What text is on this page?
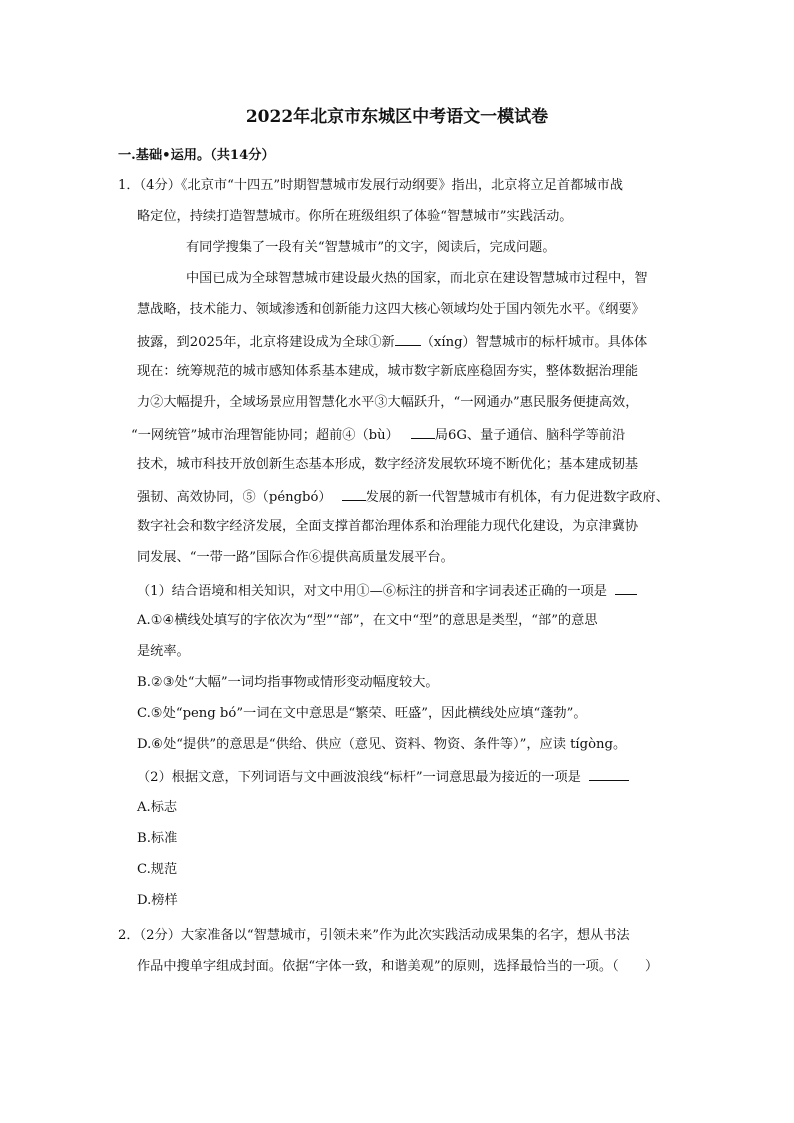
2022年北京市东城区中考语文一模试卷
一.基础•运用。（共14分）
1．（4分）《北京市“十四五”时期智慧城市发展行动纲要》指出，北京将立足首都城市战
略定位，持续打造智慧城市。你所在班级组织了体验“智慧城市”实践活动。
有同学搜集了一段有关“智慧城市”的文字，阅读后，完成问题。
中国已成为全球智慧城市建设最火热的国家，而北京在建设智慧城市过程中，智
慧战略，技术能力、领域渗透和创新能力这四大核心领域均处于国内领先水平。《纲要》
披露，到2025年，北京将建设成为全球①新 （xíng）智慧城市的标杆城市。具体体
现在：统筹规范的城市感知体系基本建成，城市数字新底座稳固夯实，整体数据治理能
力②大幅提升，全域场景应用智慧化水平③大幅跃升，“一网通办”惠民服务便捷高效，
“一网统管”城市治理智能协同；超前④（bù）	局6G、量子通信、脑科学等前沿
技术，城市科技开放创新生态基本形成，数字经济发展软环境不断优化；基本建成韧基
强韧、高效协同，⑤（péngbó）	发展的新一代智慧城市有机体，有力促进数字政府、
数字社会和数字经济发展，全面支撑首都治理体系和治理能力现代化建设，为京津冀协
同发展、“一带一路”国际合作⑥提供高质量发展平台。
（1）结合语境和相关知识，对文中用①—⑥标注的拼音和字词表述正确的一项是
A.①④横线处填写的字依次为“型”“部”，在文中“型”的意思是类型，“部”的意思
是统率。
B.②③处“大幅”一词均指事物或情形变动幅度较大。
C.⑤处“peng bó”一词在文中意思是“繁荣、旺盛”，因此横线处应填“蓬勃”。
D.⑥处“提供”的意思是“供给、供应（意见、资料、物资、条件等）”，应读 tígòng。
（2）根据文意，下列词语与文中画波浪线“标杆”一词意思最为接近的一项是
A.标志
B.标准
C.规范
D.榜样
2．（2分）大家准备以“智慧城市，引领未来”作为此次实践活动成果集的名字，想从书法
作品中搜单字组成封面。依据“字体一致，和谐美观”的原则，选择最恰当的一项。（　　）
